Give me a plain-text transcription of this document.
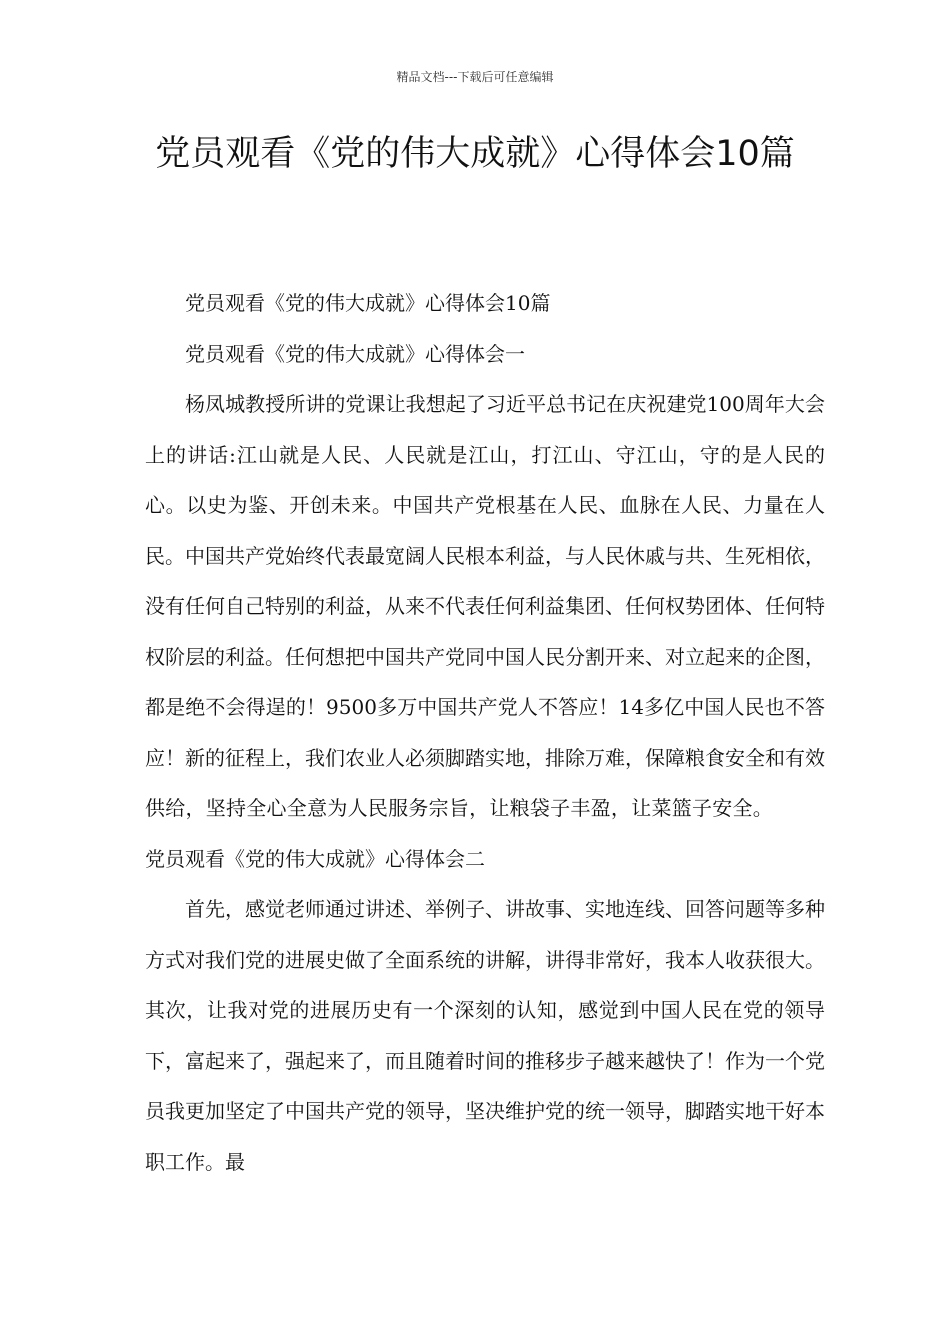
精品文档---下载后可任意编辑
党员观看《党的伟大成就》心得体会10篇

党员观看《党的伟大成就》心得体会10篇

党员观看《党的伟大成就》心得体会一

杨凤城教授所讲的党课让我想起了习近平总书记在庆祝建党100周年大会上的讲话:江山就是人民、人民就是江山，打江山、守江山，守的是人民的心。以史为鉴、开创未来。中国共产党根基在人民、血脉在人民、力量在人民。中国共产党始终代表最宽阔人民根本利益，与人民休戚与共、生死相依，没有任何自己特别的利益，从来不代表任何利益集团、任何权势团体、任何特权阶层的利益。任何想把中国共产党同中国人民分割开来、对立起来的企图，都是绝不会得逞的！9500多万中国共产党人不答应！14多亿中国人民也不答应！新的征程上，我们农业人必须脚踏实地，排除万难，保障粮食安全和有效供给，坚持全心全意为人民服务宗旨，让粮袋子丰盈，让菜篮子安全。党员观看《党的伟大成就》心得体会二

首先，感觉老师通过讲述、举例子、讲故事、实地连线、回答问题等多种方式对我们党的进展史做了全面系统的讲解，讲得非常好，我本人收获很大。其次，让我对党的进展历史有一个深刻的认知，感觉到中国人民在党的领导下，富起来了，强起来了，而且随着时间的推移步子越来越快了！作为一个党员我更加坚定了中国共产党的领导，坚决维护党的统一领导，脚踏实地干好本职工作。最
